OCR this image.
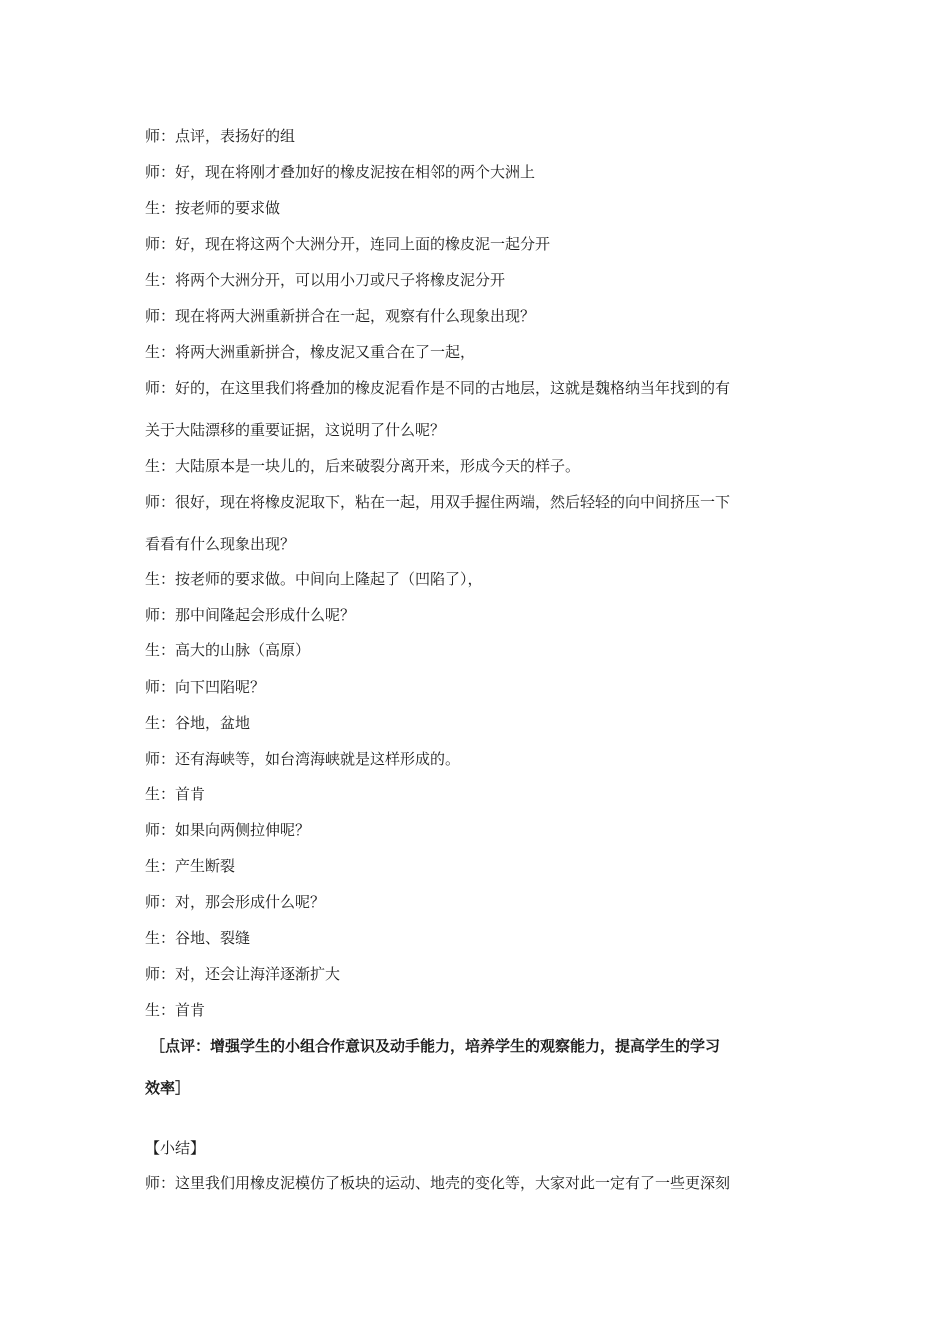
师：点评，表扬好的组
师：好，现在将刚才叠加好的橡皮泥按在相邻的两个大洲上
生：按老师的要求做
师：好，现在将这两个大洲分开，连同上面的橡皮泥一起分开
生：将两个大洲分开，可以用小刀或尺子将橡皮泥分开
师：现在将两大洲重新拼合在一起，观察有什么现象出现？
生：将两大洲重新拼合，橡皮泥又重合在了一起，
师：好的，在这里我们将叠加的橡皮泥看作是不同的古地层，这就是魏格纳当年找到的有
关于大陆漂移的重要证据，这说明了什么呢？
生：大陆原本是一块儿的，后来破裂分离开来，形成今天的样子。
师：很好，现在将橡皮泥取下，粘在一起，用双手握住两端，然后轻轻的向中间挤压一下
看看有什么现象出现？
生：按老师的要求做。中间向上隆起了（凹陷了），
师：那中间隆起会形成什么呢？
生：高大的山脉（高原）
师：向下凹陷呢？
生：谷地，盆地
师：还有海峡等，如台湾海峡就是这样形成的。
生：首肯
师：如果向两侧拉伸呢？
生：产生断裂
师：对，那会形成什么呢？
生：谷地、裂缝
师：对，还会让海洋逐渐扩大
生：首肯
［点评：增强学生的小组合作意识及动手能力，培养学生的观察能力，提高学生的学习
效率］
【小结】
师：这里我们用橡皮泥模仿了板块的运动、地壳的变化等，大家对此一定有了一些更深刻
